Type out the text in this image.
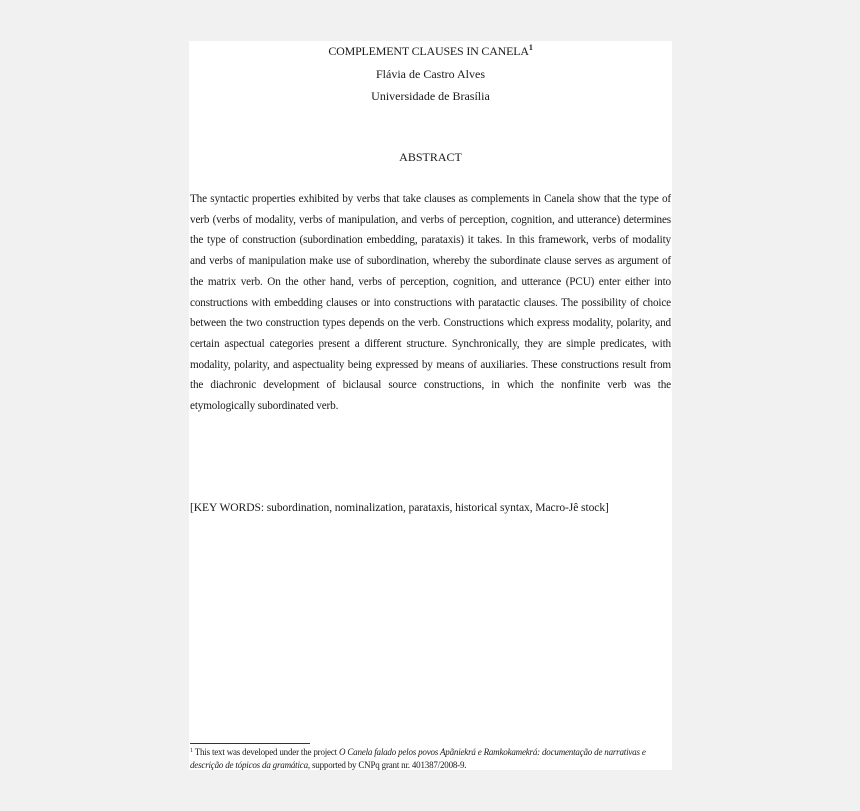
COMPLEMENT CLAUSES IN CANELA$^1$
Flávia de Castro Alves
Universidade de Brasília
ABSTRACT
The syntactic properties exhibited by verbs that take clauses as complements in Canela show that the type of verb (verbs of modality, verbs of manipulation, and verbs of perception, cognition, and utterance) determines the type of construction (subordination embedding, parataxis) it takes. In this framework, verbs of modality and verbs of manipulation make use of subordination, whereby the subordinate clause serves as argument of the matrix verb. On the other hand, verbs of perception, cognition, and utterance (PCU) enter either into constructions with embedding clauses or into constructions with paratactic clauses. The possibility of choice between the two construction types depends on the verb. Constructions which express modality, polarity, and certain aspectual categories present a different structure. Synchronically, they are simple predicates, with modality, polarity, and aspectuality being expressed by means of auxiliaries. These constructions result from the diachronic development of biclausal source constructions, in which the nonfinite verb was the etymologically subordinated verb.
[KEY WORDS: subordination, nominalization, parataxis, historical syntax, Macro-Jê stock]
$^1$ This text was developed under the project O Canela falado pelos povos Apãniekrá e Ramkokamekrá: documentação de narrativas e descrição de tópicos da gramática, supported by CNPq grant nr. 401387/2008-9.
